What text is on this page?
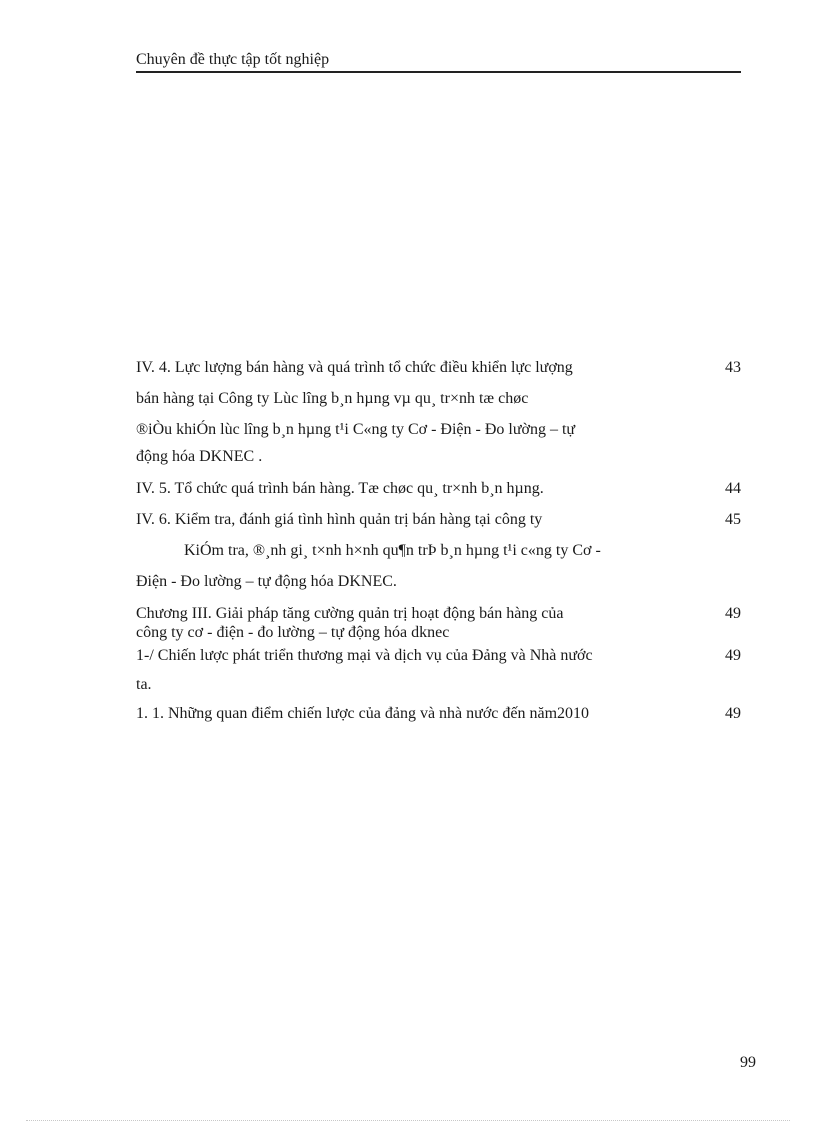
Chuyên đề thực tập tốt nghiệp

IV. 4. Lực lượng bán hàng và quá trình tổ chức điều khiển lực lượng

bán hàng tại Công ty Lùc lîng b¸n hµng vµ qu¸ tr×nh tæ chøc

®iÒu khiÓn lùc lîng b¸n hµng t¹i C«ng ty Cơ - Điện - Đo lường – tự

động hóa DKNEC .

43

IV. 5. Tổ chức quá trình bán hàng. Tæ chøc qu¸ tr×nh b¸n hµng.	44

IV. 6. Kiểm tra, đánh giá tình hình quản trị bán hàng tại công ty

KiÓm tra, ®¸nh gi¸ t×nh h×nh qu¶n trÞ b¸n hµng t¹i c«ng ty Cơ -

Điện - Đo lường – tự động hóa DKNEC.

45

Chương III. Giải pháp tăng cường quản trị hoạt động bán hàng của

công ty cơ - điện - đo lường – tự động hóa dknec

49

1-/ Chiến lược phát triển thương mại và dịch vụ của Đảng và Nhà nước

ta.

49

1. 1. Những quan điểm chiến lược của đảng và nhà nước đến năm2010	49
99
